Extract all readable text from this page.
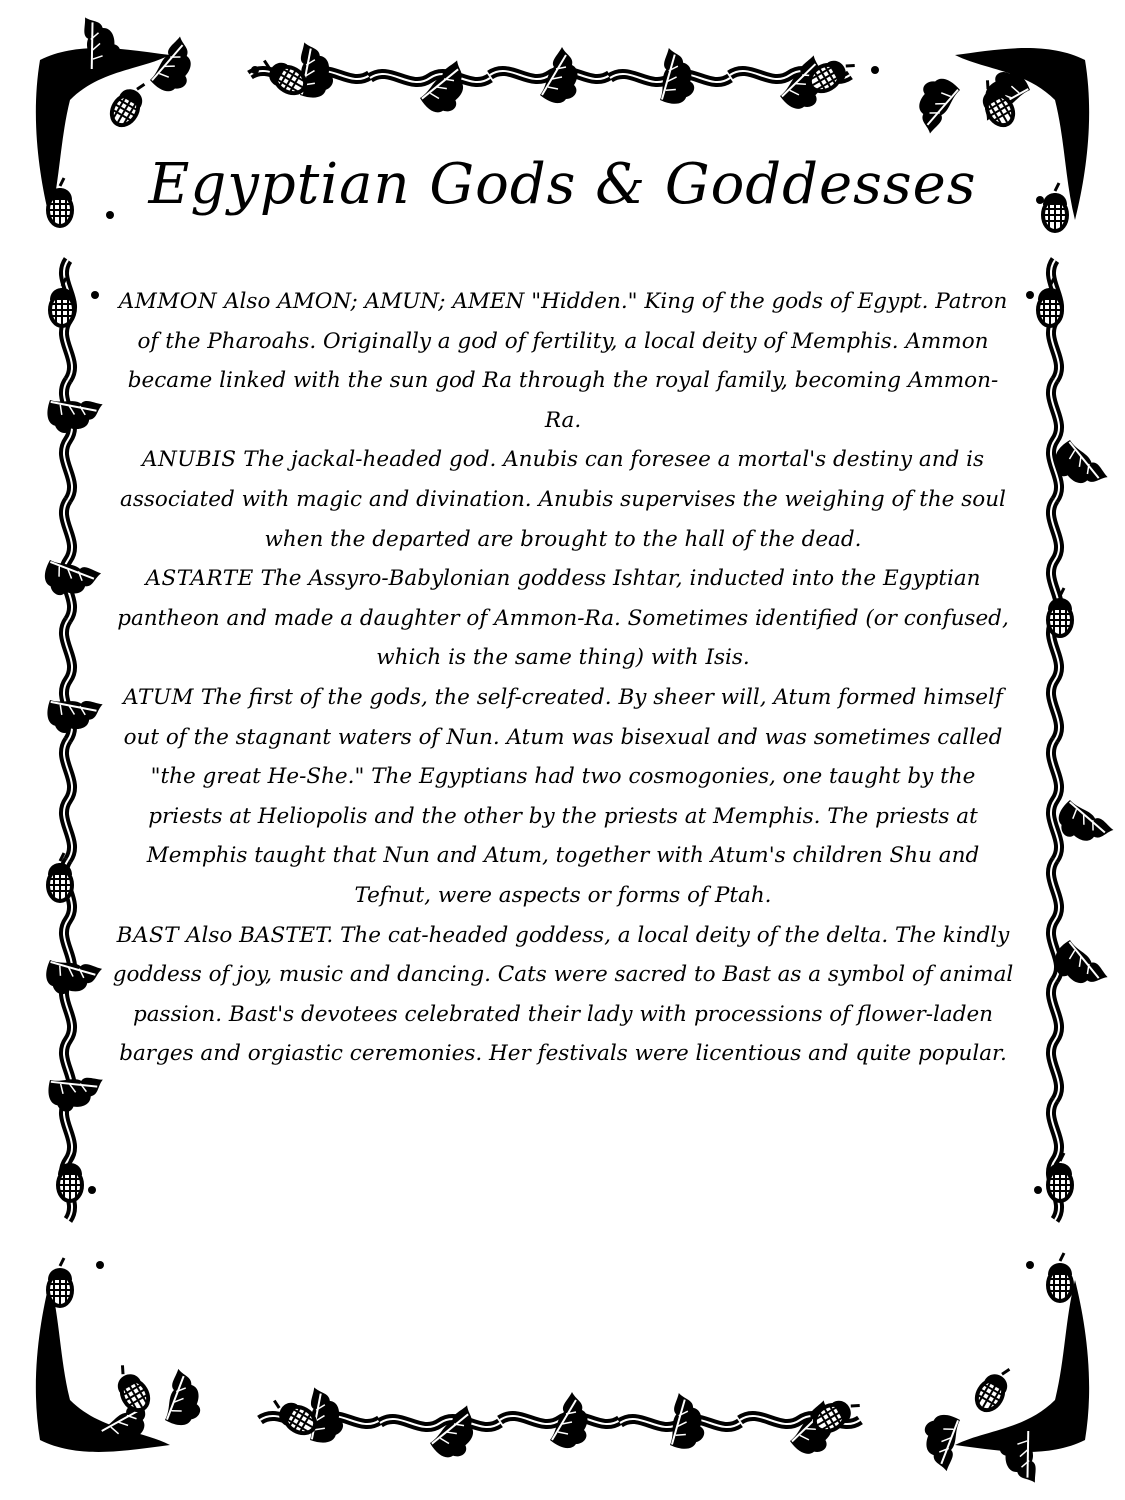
Egyptian Gods & Goddesses

AMMON Also AMON; AMUN; AMEN "Hidden." King of the gods of Egypt. Patron of the Pharoahs. Originally a god of fertility, a local deity of Memphis. Ammon became linked with the sun god Ra through the royal family, becoming Ammon-Ra.

ANUBIS The jackal-headed god. Anubis can foresee a mortal's destiny and is associated with magic and divination. Anubis supervises the weighing of the soul when the departed are brought to the hall of the dead.

ASTARTE The Assyro-Babylonian goddess Ishtar, inducted into the Egyptian pantheon and made a daughter of Ammon-Ra. Sometimes identified (or confused, which is the same thing) with Isis.

ATUM The first of the gods, the self-created. By sheer will, Atum formed himself out of the stagnant waters of Nun. Atum was bisexual and was sometimes called "the great He-She." The Egyptians had two cosmogonies, one taught by the priests at Heliopolis and the other by the priests at Memphis. The priests at Memphis taught that Nun and Atum, together with Atum's children Shu and Tefnut, were aspects or forms of Ptah.

BAST Also BASTET. The cat-headed goddess, a local deity of the delta. The kindly goddess of joy, music and dancing. Cats were sacred to Bast as a symbol of animal passion. Bast's devotees celebrated their lady with processions of flower-laden barges and orgiastic ceremonies. Her festivals were licentious and quite popular.
